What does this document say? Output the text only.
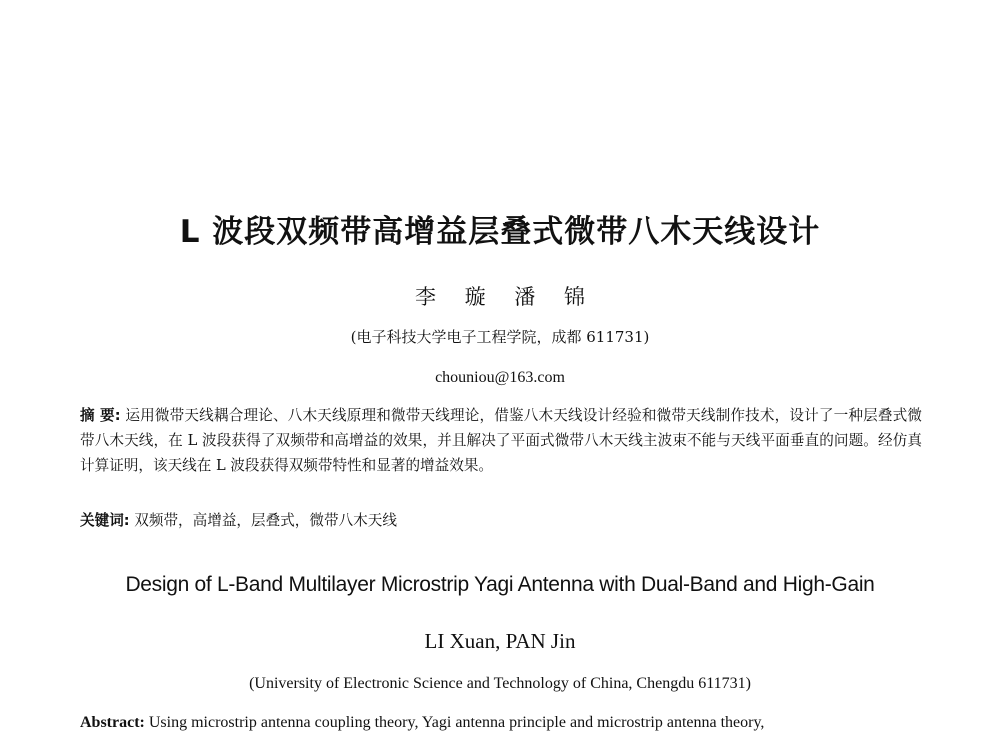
L 波段双频带高增益层叠式微带八木天线设计
李 璇 潘 锦
(电子科技大学电子工程学院，成都 611731)
chouniou@163.com
摘 要: 运用微带天线耦合理论、八木天线原理和微带天线理论，借鉴八木天线设计经验和微带天线制作技术，设计了一种层叠式微带八木天线，在 L 波段获得了双频带和高增益的效果，并且解决了平面式微带八木天线主波束不能与天线平面垂直的问题。经仿真计算证明，该天线在 L 波段获得双频带特性和显著的增益效果。
关键词: 双频带，高增益，层叠式，微带八木天线
Design of L-Band Multilayer Microstrip Yagi Antenna with Dual-Band and High-Gain
LI Xuan, PAN Jin
(University of Electronic Science and Technology of China, Chengdu 611731)
Abstract: Using microstrip antenna coupling theory, Yagi antenna principle and microstrip antenna theory,
